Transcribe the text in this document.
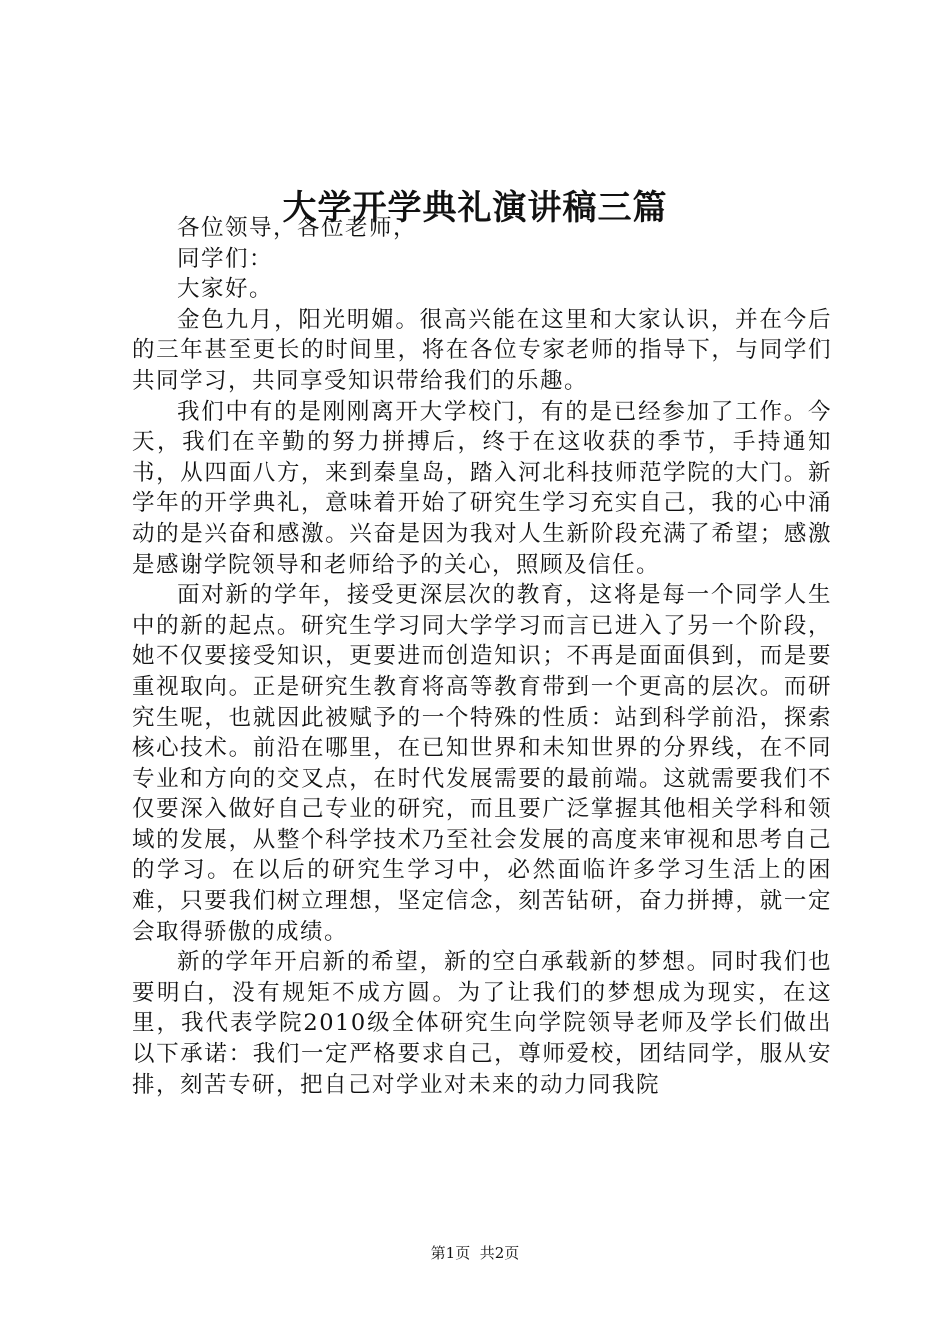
大学开学典礼演讲稿三篇

各位领导，各位老师，

同学们：

大家好。

金色九月，阳光明媚。很高兴能在这里和大家认识，并在今后的三年甚至更长的时间里，将在各位专家老师的指导下，与同学们共同学习，共同享受知识带给我们的乐趣。

我们中有的是刚刚离开大学校门，有的是已经参加了工作。今天，我们在辛勤的努力拼搏后，终于在这收获的季节，手持通知书，从四面八方，来到秦皇岛，踏入河北科技师范学院的大门。新学年的开学典礼，意味着开始了研究生学习充实自己，我的心中涌动的是兴奋和感激。兴奋是因为我对人生新阶段充满了希望；感激是感谢学院领导和老师给予的关心，照顾及信任。

面对新的学年，接受更深层次的教育，这将是每一个同学人生中的新的起点。研究生学习同大学学习而言已进入了另一个阶段，她不仅要接受知识，更要进而创造知识；不再是面面俱到，而是要重视取向。正是研究生教育将高等教育带到一个更高的层次。而研究生呢，也就因此被赋予的一个特殊的性质：站到科学前沿，探索核心技术。前沿在哪里，在已知世界和未知世界的分界线，在不同专业和方向的交叉点，在时代发展需要的最前端。这就需要我们不仅要深入做好自己专业的研究，而且要广泛掌握其他相关学科和领域的发展，从整个科学技术乃至社会发展的高度来审视和思考自己的学习。在以后的研究生学习中，必然面临许多学习生活上的困难，只要我们树立理想，坚定信念，刻苦钻研，奋力拼搏，就一定会取得骄傲的成绩。

新的学年开启新的希望，新的空白承载新的梦想。同时我们也要明白，没有规矩不成方圆。为了让我们的梦想成为现实，在这里，我代表学院2010级全体研究生向学院领导老师及学长们做出以下承诺：我们一定严格要求自己，尊师爱校，团结同学，服从安排，刻苦专研，把自己对学业对未来的动力同我院

第1页 共2页
